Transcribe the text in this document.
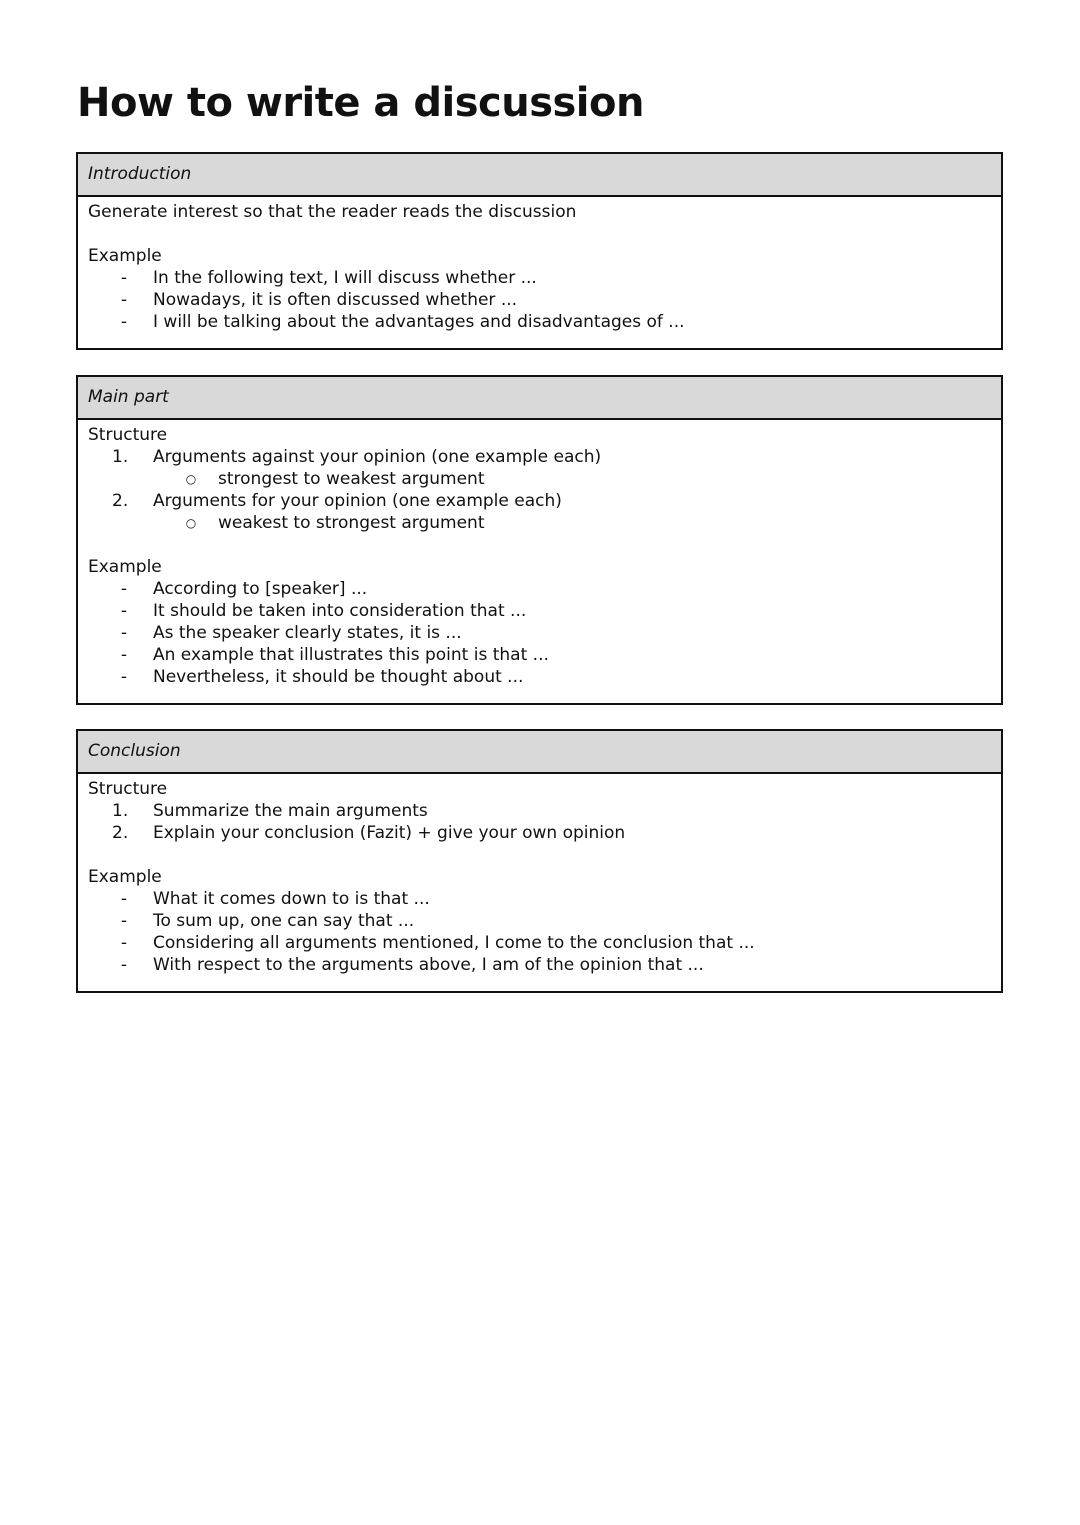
How to write a discussion
Introduction
Generate interest so that the reader reads the discussion
Example
- In the following text, I will discuss whether ...
- Nowadays, it is often discussed whether ...
- I will be talking about the advantages and disadvantages of ...
Main part
Structure
1.	Arguments against your opinion (one example each)
○ strongest to weakest argument
2.	Arguments for your opinion (one example each)
○ weakest to strongest argument
Example
- According to [speaker] ...
- It should be taken into consideration that ...
- As the speaker clearly states, it is ...
- An example that illustrates this point is that ...
- Nevertheless, it should be thought about ...
Conclusion
Structure
1.	Summarize the main arguments
2.	Explain your conclusion (Fazit) + give your own opinion
Example
- What it comes down to is that ...
- To sum up, one can say that ...
- Considering all arguments mentioned, I come to the conclusion that ...
- With respect to the arguments above, I am of the opinion that ...
